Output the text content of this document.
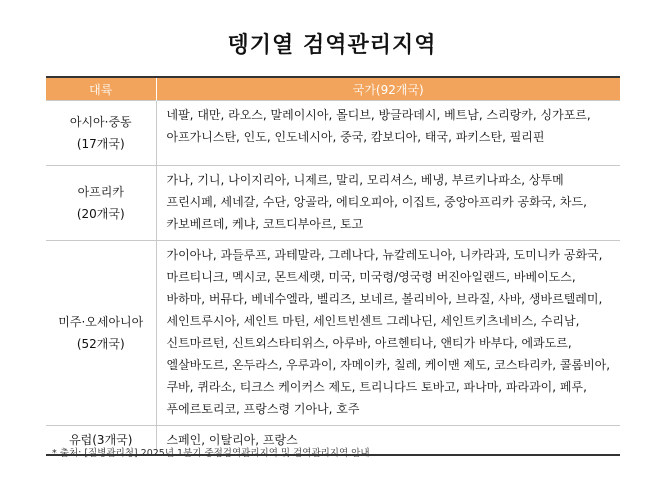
뎅기열 검역관리지역
대륙	국가(92개국)

아시아·중동
(17개국)	네팔, 대만, 라오스, 말레이시아, 몰디브, 방글라데시, 베트남, 스리랑카, 싱가포르, 아프가니스탄, 인도, 인도네시아, 중국, 캄보디아, 태국, 파키스탄, 필리핀

아프리카
(20개국)	가나, 기니, 나이지리아, 니제르, 말리, 모리셔스, 베냉, 부르키나파소, 상투메 프린시페, 세네갈, 수단, 앙골라, 에티오피아, 이집트, 중앙아프리카 공화국, 차드, 카보베르데, 케냐, 코트디부아르, 토고

미주·오세아니아
(52개국)	가이아나, 과들루프, 과테말라, 그레나다, 뉴칼레도니아, 니카라과, 도미니카 공화국, 마르티니크, 멕시코, 몬트세랫, 미국, 미국령/영국령 버진아일랜드, 바베이도스, 바하마, 버뮤다, 베네수엘라, 벨리즈, 보네르, 볼리비아, 브라질, 사바, 생바르텔레미, 세인트루시아, 세인트 마틴, 세인트빈센트 그레나딘, 세인트키츠네비스, 수리남, 신트마르턴, 신트외스타티위스, 아루바, 아르헨티나, 앤티가 바부다, 에콰도르, 엘살바도르, 온두라스, 우루과이, 자메이카, 칠레, 케이맨 제도, 코스타리카, 콜롬비아, 쿠바, 퀴라소, 티크스 케이커스 제도, 트리니다드 토바고, 파나마, 파라과이, 페루, 푸에르토리코, 프랑스령 기아나, 호주

유럽(3개국)	스페인, 이탈리아, 프랑스
* 출처: [질병관리청] 2025년 1분기 중점검역관리지역 및 검역관리지역 안내
